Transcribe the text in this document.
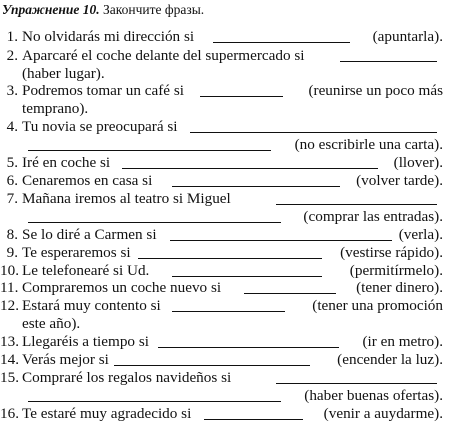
Упражнение 10. Закончите фразы.
1. No olvidarás mi dirección si	(apuntarla).
2. Aparcaré el coche delante del supermercado si
(haber lugar).
3. Podremos tomar un café si	(reunirse un poco más
temprano).
4. Tu novia se preocupará si
(no escribirle una carta).
5. Iré en coche si	(llover).
6. Cenaremos en casa si	(volver tarde).
7. Mañana iremos al teatro si Miguel
(comprar las entradas).
8. Se lo diré a Carmen si	(verla).
9. Te esperaremos si	(vestirse rápido).
10. Le telefonearé si Ud.	(permitírmelo).
11. Compraremos un coche nuevo si	(tener dinero).
12. Estará muy contento si	(tener una promoción
este año).
13. Llegaréis a tiempo si	(ir en metro).
14. Verás mejor si	(encender la luz).
15. Compraré los regalos navideños si
(haber buenas ofertas).
16. Te estaré muy agradecido si	(venir a auydarme).
